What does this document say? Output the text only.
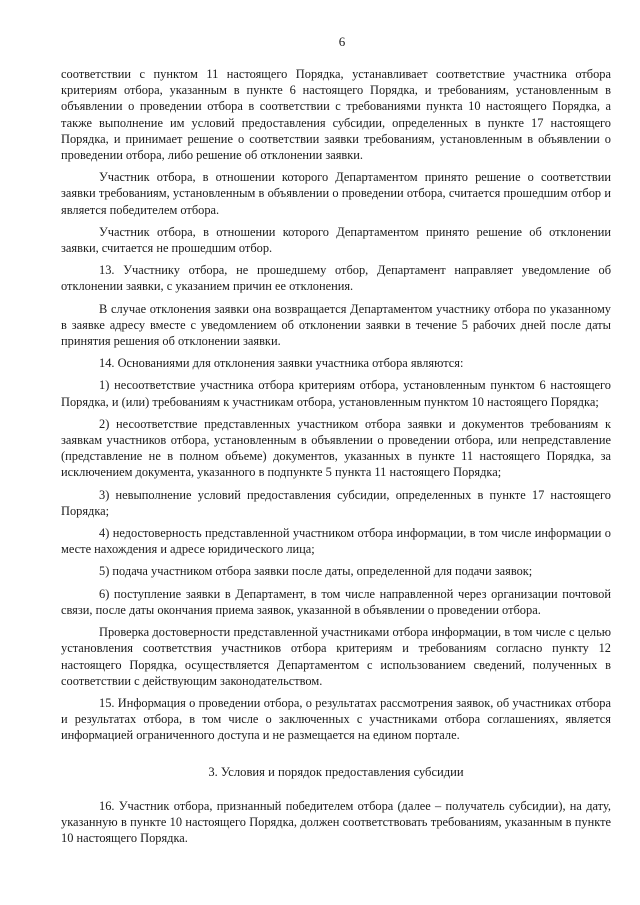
6

соответствии с пунктом 11 настоящего Порядка, устанавливает соответствие участника отбора критериям отбора, указанным в пункте 6 настоящего Порядка, и требованиям, установленным в объявлении о проведении отбора в соответствии с требованиями пункта 10 настоящего Порядка, а также выполнение им условий предоставления субсидии, определенных в пункте 17 настоящего Порядка, и принимает решение о соответствии заявки требованиям, установленным в объявлении о проведении отбора, либо решение об отклонении заявки.

Участник отбора, в отношении которого Департаментом принято решение о соответствии заявки требованиям, установленным в объявлении о проведении отбора, считается прошедшим отбор и является победителем отбора.

Участник отбора, в отношении которого Департаментом принято решение об отклонении заявки, считается не прошедшим отбор.

13. Участнику отбора, не прошедшему отбор, Департамент направляет уведомление об отклонении заявки, с указанием причин ее отклонения.

В случае отклонения заявки она возвращается Департаментом участнику отбора по указанному в заявке адресу вместе с уведомлением об отклонении заявки в течение 5 рабочих дней после даты принятия решения об отклонении заявки.

14. Основаниями для отклонения заявки участника отбора являются:

1) несоответствие участника отбора критериям отбора, установленным пунктом 6 настоящего Порядка, и (или) требованиям к участникам отбора, установленным пунктом 10 настоящего Порядка;

2) несоответствие представленных участником отбора заявки и документов требованиям к заявкам участников отбора, установленным в объявлении о проведении отбора, или непредставление (представление не в полном объеме) документов, указанных в пункте 11 настоящего Порядка, за исключением документа, указанного в подпункте 5 пункта 11 настоящего Порядка;

3) невыполнение условий предоставления субсидии, определенных в пункте 17 настоящего Порядка;

4) недостоверность представленной участником отбора информации, в том числе информации о месте нахождения и адресе юридического лица;

5) подача участником отбора заявки после даты, определенной для подачи заявок;

6) поступление заявки в Департамент, в том числе направленной через организации почтовой связи, после даты окончания приема заявок, указанной в объявлении о проведении отбора.

Проверка достоверности представленной участниками отбора информации, в том числе с целью установления соответствия участников отбора критериям и требованиям согласно пункту 12 настоящего Порядка, осуществляется Департаментом с использованием сведений, полученных в соответствии с действующим законодательством.

15. Информация о проведении отбора, о результатах рассмотрения заявок, об участниках отбора и результатах отбора, в том числе о заключенных с участниками отбора соглашениях, является информацией ограниченного доступа и не размещается на едином портале.

3. Условия и порядок предоставления субсидии

16. Участник отбора, признанный победителем отбора (далее – получатель субсидии), на дату, указанную в пункте 10 настоящего Порядка, должен соответствовать требованиям, указанным в пункте 10 настоящего Порядка.
